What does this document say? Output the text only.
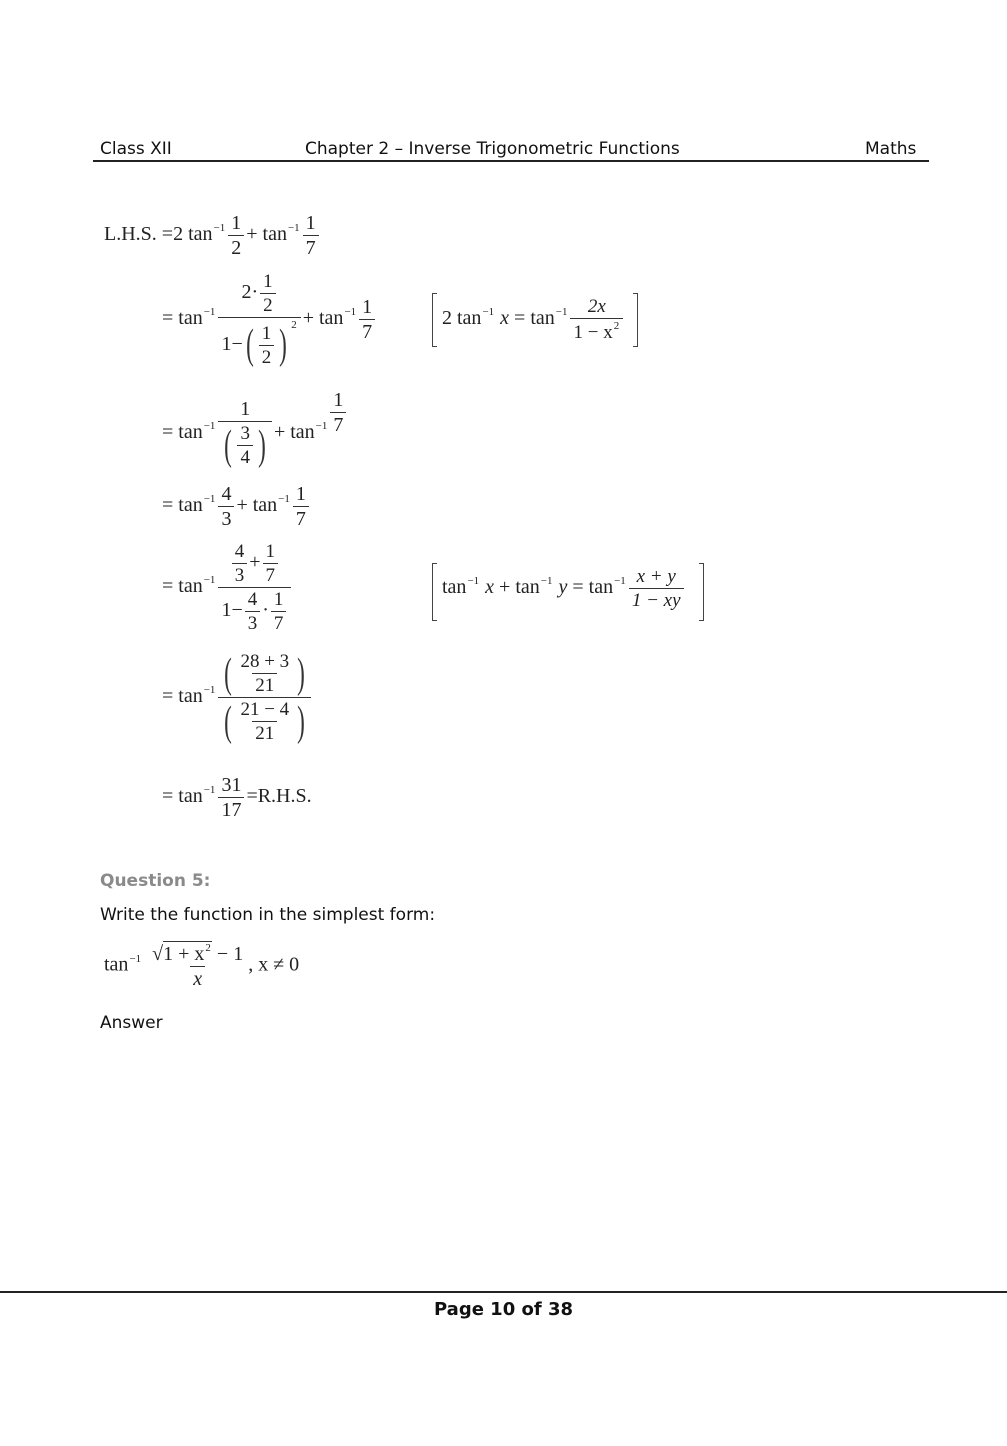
Class XII	Chapter 2 – Inverse Trigonometric Functions	Maths
L.H.S. =2 $\tan^{-1} \frac{1}{2} + \tan^{-1} \frac{1}{7}$
= $\tan^{-1} \frac{2\cdot \frac{1}{2}}{1- ( \frac{1}{2} ) ^2} + \tan^{-1} \frac{1}{7}$	2 $\tan^{-1} x = \tan^{-1} \frac{2x}{1 - x^2}$
= $\tan^{-1} \frac{1}{( \frac{3}{4} )} + \tan^{-1} \frac{1}{7}$
= $\tan^{-1} \frac{4}{3} + \tan^{-1} \frac{1}{7}$
= $\tan^{-1} \frac{\frac{4}{3} + \frac{1}{7}}{1- \frac{4}{3} \cdot \frac{1}{7}}$	$\tan^{-1} x + \tan^{-1} y = \tan^{-1} \frac{x + y}{1 - xy}$
= $\tan^{-1} \frac{( \frac{28 + 3}{21} )}{( \frac{21 - 4}{21} )}$
= $\tan^{-1} \frac{31}{17} =R.H.S$.
Question 5:
Write the function in the simplest form:
$\tan^{-1} \frac{√1 + x^2 - 1}{x}$ , x ≠ 0
Answer
Page 10 of 38
